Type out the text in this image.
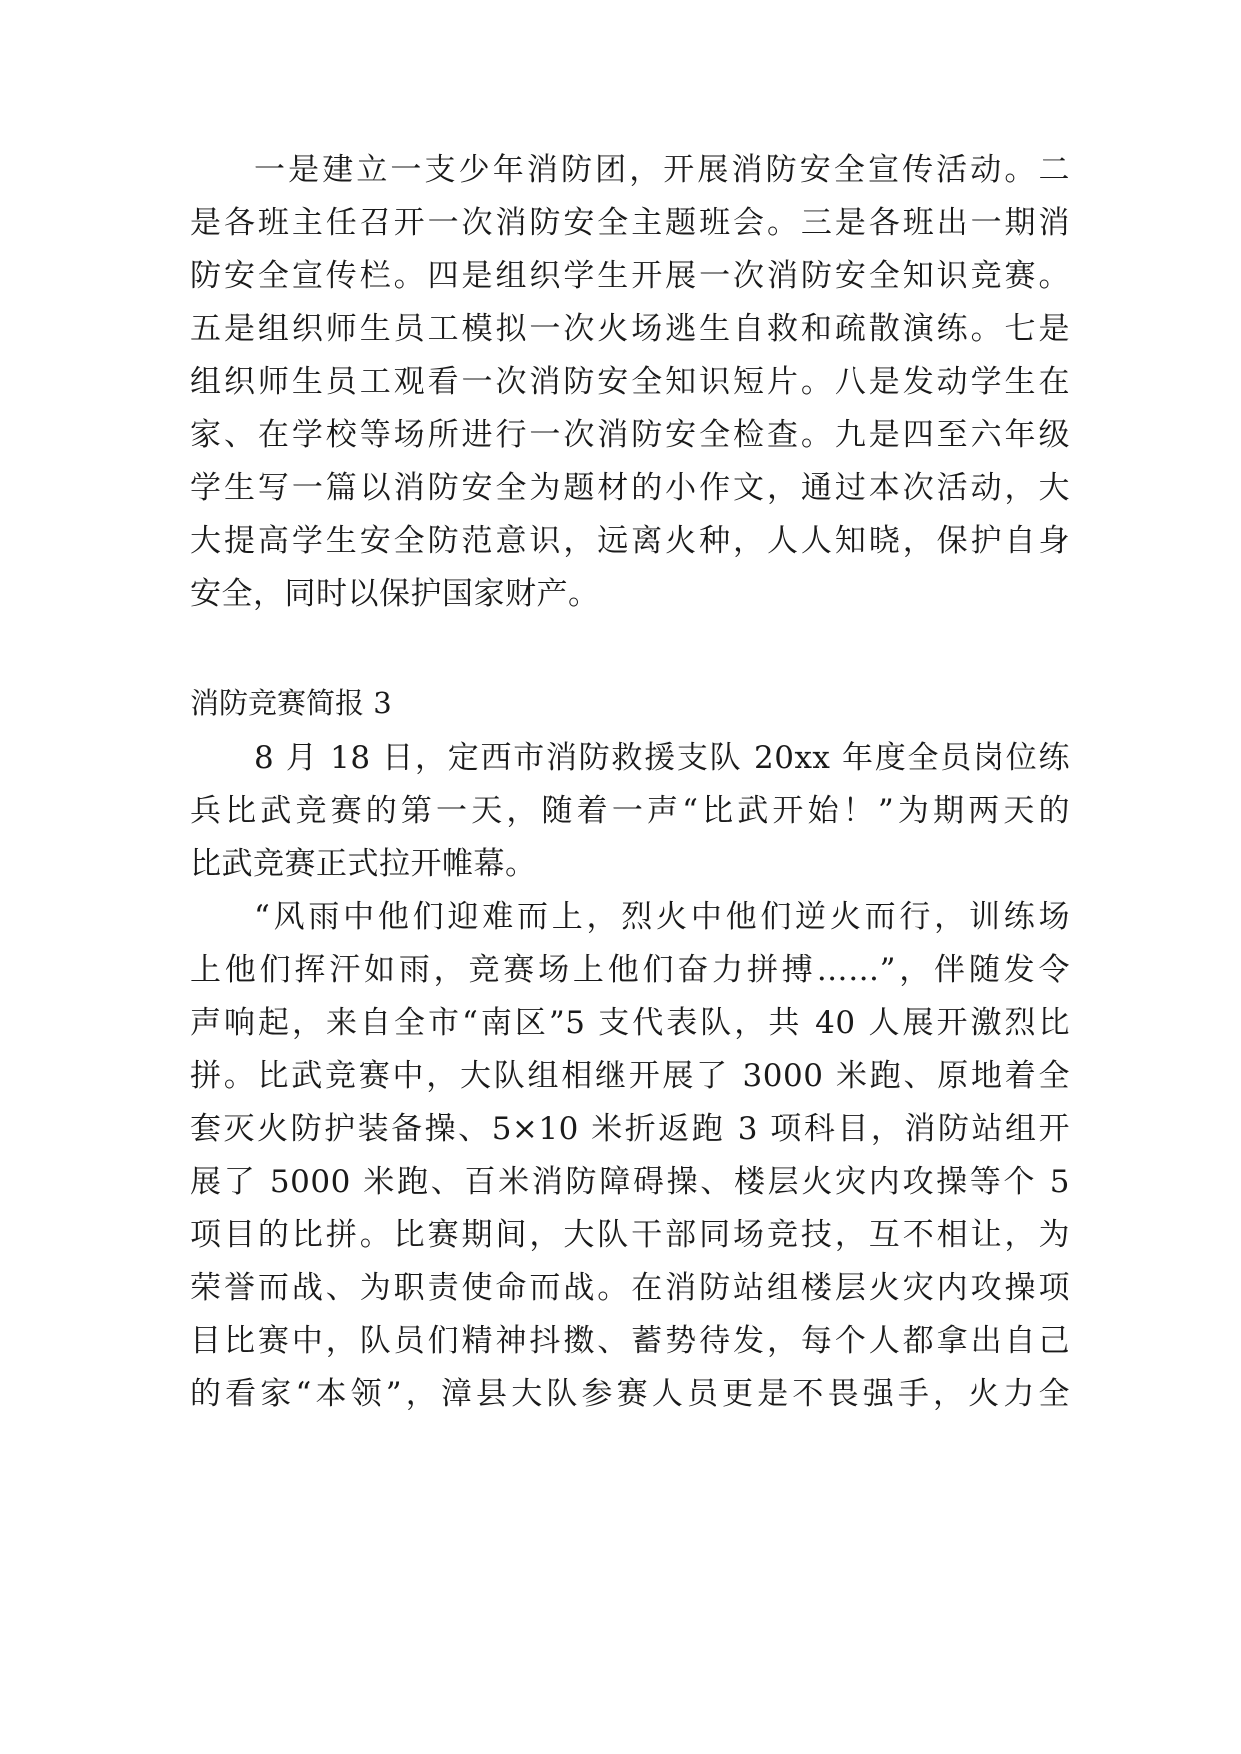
一是建立一支少年消防团，开展消防安全宣传活动。二
是各班主任召开一次消防安全主题班会。三是各班出一期消
防安全宣传栏。四是组织学生开展一次消防安全知识竞赛。
五是组织师生员工模拟一次火场逃生自救和疏散演练。七是
组织师生员工观看一次消防安全知识短片。八是发动学生在
家、在学校等场所进行一次消防安全检查。九是四至六年级
学生写一篇以消防安全为题材的小作文，通过本次活动，大
大提高学生安全防范意识，远离火种，人人知晓，保护自身
安全，同时以保护国家财产。
消防竞赛简报 3
8 月 18 日，定西市消防救援支队 20xx 年度全员岗位练
兵比武竞赛的第一天，随着一声“比武开始！”为期两天的
比武竞赛正式拉开帷幕。
“风雨中他们迎难而上，烈火中他们逆火而行，训练场
上他们挥汗如雨，竞赛场上他们奋力拼搏……”，伴随发令
声响起，来自全市“南区”5 支代表队，共 40 人展开激烈比
拼。比武竞赛中，大队组相继开展了 3000 米跑、原地着全
套灭火防护装备操、5×10 米折返跑 3 项科目，消防站组开
展了 5000 米跑、百米消防障碍操、楼层火灾内攻操等个 5
项目的比拼。比赛期间，大队干部同场竞技，互不相让，为
荣誉而战、为职责使命而战。在消防站组楼层火灾内攻操项
目比赛中，队员们精神抖擞、蓄势待发，每个人都拿出自己
的看家“本领”，漳县大队参赛人员更是不畏强手，火力全
